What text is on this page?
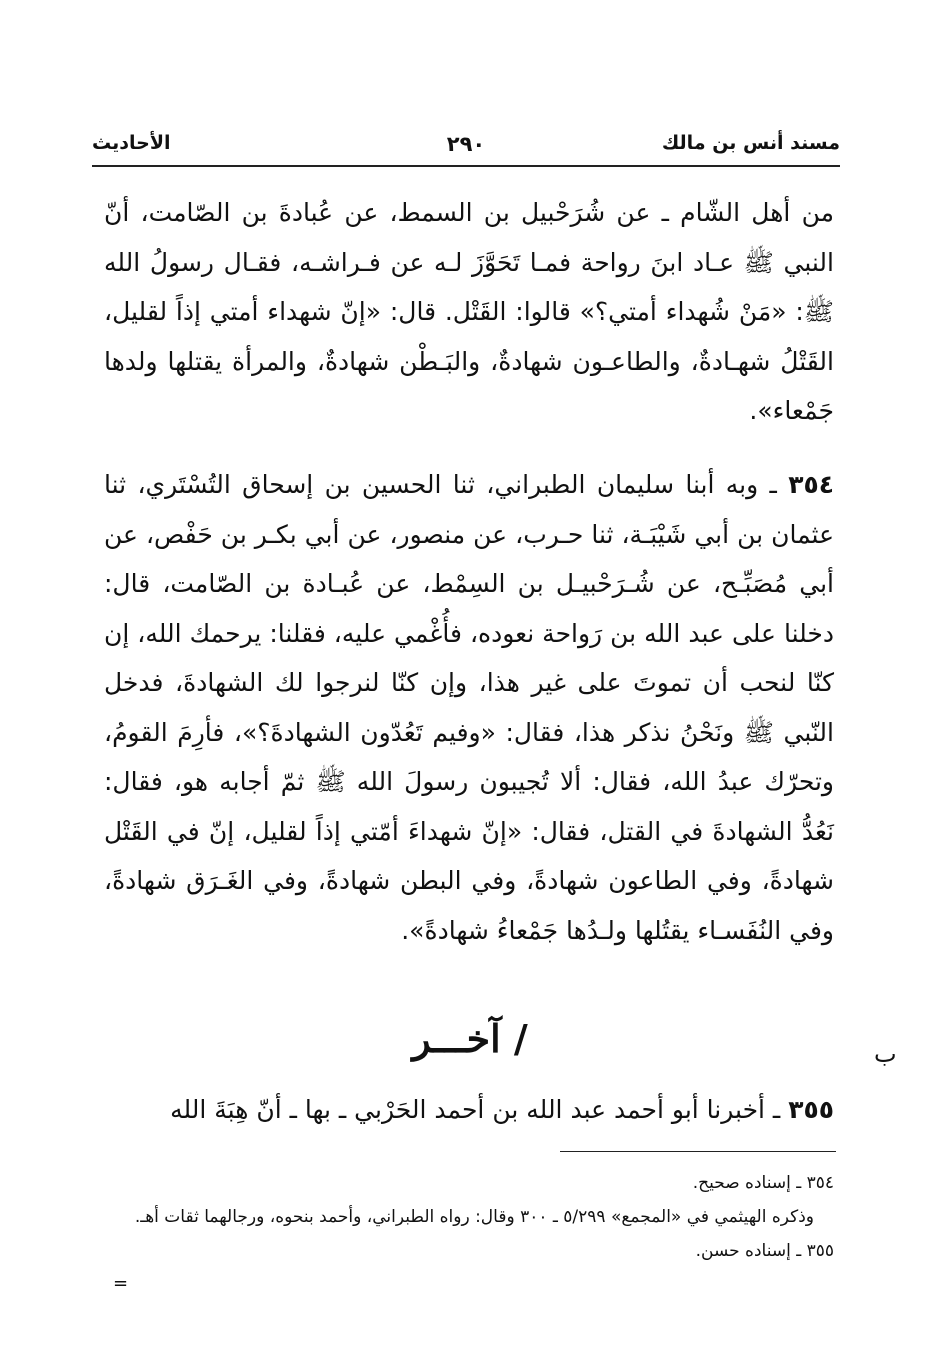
مسند أنس بن مالك
٢٩٠
الأحاديث

من أهل الشّام ـ عن شُرَحْبيل بن السمط، عن عُبادةَ بن الصّامت، أنّ النبي ﷺ عـاد ابنَ رواحة فمـا تَحَوَّزَ لـه عن فـراشـه، فقـال رسولُ الله ﷺ: «مَنْ شُهداء أمتي؟» قالوا: القَتْل. قال: «إنّ شهداء أمتي إذاً لقليل، القَتْلُ شهـادةٌ، والطاعـون شهادةٌ، والبَـطْن شهادةٌ، والمرأة يقتلها ولدها جَمْعاء».

٣٥٤ ـ وبه أبنا سليمان الطبراني، ثنا الحسين بن إسحاق التُسْتَري، ثنا عثمان بن أبي شَيْبَـة، ثنا حـرب، عن منصور، عن أبي بكـر بن حَفْص، عن أبي مُصَبِّـح، عن شُـرَحْبيـل بن السِمْط، عن عُبـادة بن الصّامت، قال: دخلنا على عبد الله بن رَواحة نعوده، فأُغْمي عليه، فقلنا: يرحمك الله، إن كنّا لنحب أن تموتَ على غير هذا، وإن كنّا لنرجوا لك الشهادةَ، فدخل النّبي ﷺ ونَحْنُ نذكر هذا، فقال: «وفيم تَعُدّون الشهادةَ؟»، فأرِمَ القومُ، وتحرّك عبدُ الله، فقال: ألا تُجيبون رسولَ الله ﷺ ثمّ أجابه هو، فقال: نَعُدُّ الشهادةَ في القتل، فقال: «إنّ شهداءَ أمّتي إذاً لقليل، إنّ في القَتْل شهادةً، وفي الطاعون شهادةً، وفي البطن شهادةً، وفي الغَـرَق شهادةً، وفي النُفَسـاء يقتُلها ولـدُها جَمْعاءُ شهادةً».

/ آخـــر	ب

٣٥٥ ـ أخبرنا أبو أحمد عبد الله بن أحمد الحَرْبي ـ بها ـ أنّ هِبَةَ الله

٣٥٤ ـ إسناده صحيح.

وذكره الهيثمي في «المجمع» ٥/٢٩٩ ـ ٣٠٠ وقال: رواه الطبراني، وأحمد بنحوه، ورجالهما ثقات أهـ.

٣٥٥ ـ إسناده حسن.

=
